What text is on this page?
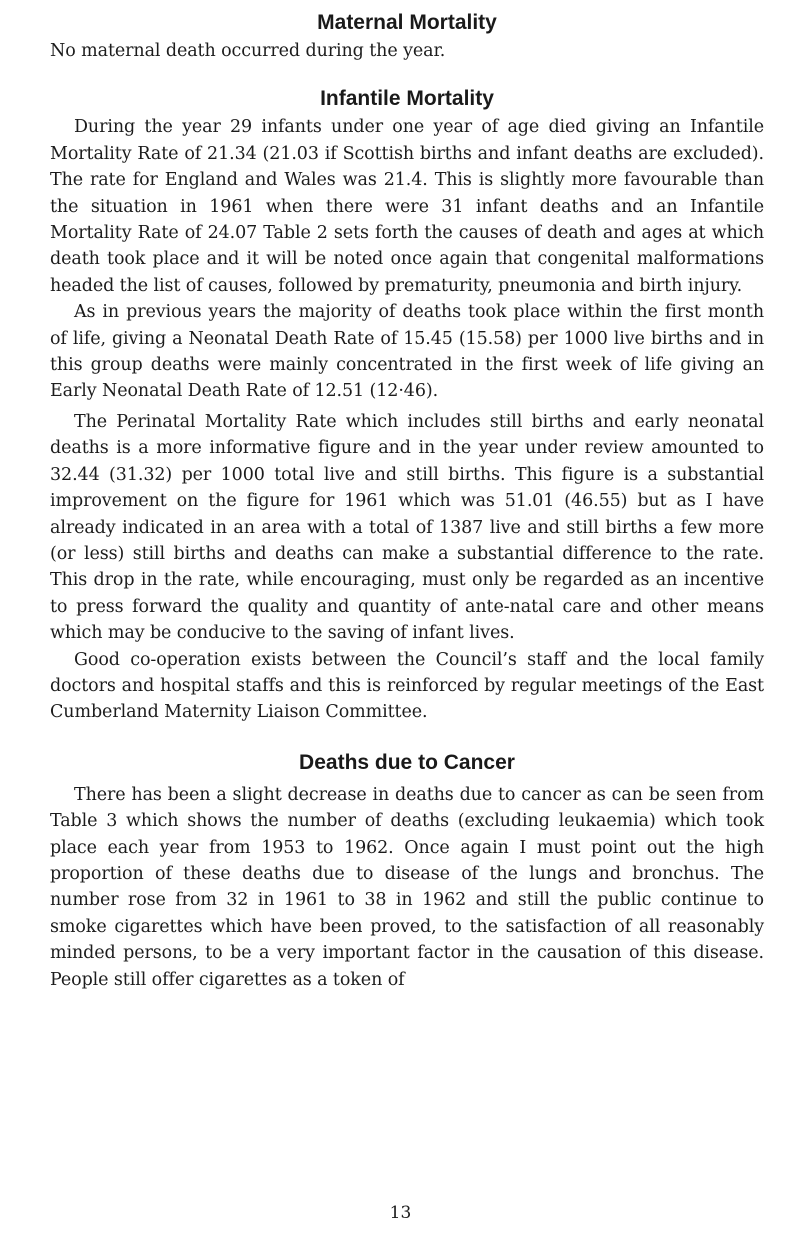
Maternal Mortality

No maternal death occurred during the year.

Infantile Mortality

During the year 29 infants under one year of age died giving an Infantile Mortality Rate of 21.34 (21.03 if Scottish births and infant deaths are excluded). The rate for England and Wales was 21.4. This is slightly more favourable than the situation in 1961 when there were 31 infant deaths and an Infantile Mortality Rate of 24.07 Table 2 sets forth the causes of death and ages at which death took place and it will be noted once again that congenital malformations headed the list of causes, followed by prematurity, pneumonia and birth injury.

As in previous years the majority of deaths took place within the first month of life, giving a Neonatal Death Rate of 15.45 (15.58) per 1000 live births and in this group deaths were mainly concentrated in the first week of life giving an Early Neonatal Death Rate of 12.51 (12·46).

The Perinatal Mortality Rate which includes still births and early neonatal deaths is a more informative figure and in the year under review amounted to 32.44 (31.32) per 1000 total live and still births. This figure is a substantial improvement on the figure for 1961 which was 51.01 (46.55) but as I have already indicated in an area with a total of 1387 live and still births a few more (or less) still births and deaths can make a substantial difference to the rate. This drop in the rate, while encouraging, must only be regarded as an incentive to press forward the quality and quantity of ante-natal care and other means which may be conducive to the saving of infant lives.

Good co-operation exists between the Council’s staff and the local family doctors and hospital staffs and this is reinforced by regular meetings of the East Cumberland Maternity Liaison Committee.

Deaths due to Cancer

There has been a slight decrease in deaths due to cancer as can be seen from Table 3 which shows the number of deaths (excluding leukaemia) which took place each year from 1953 to 1962. Once again I must point out the high proportion of these deaths due to disease of the lungs and bronchus. The number rose from 32 in 1961 to 38 in 1962 and still the public continue to smoke cigarettes which have been proved, to the satisfaction of all reasonably minded persons, to be a very important factor in the causation of this disease. People still offer cigarettes as a token of

13
